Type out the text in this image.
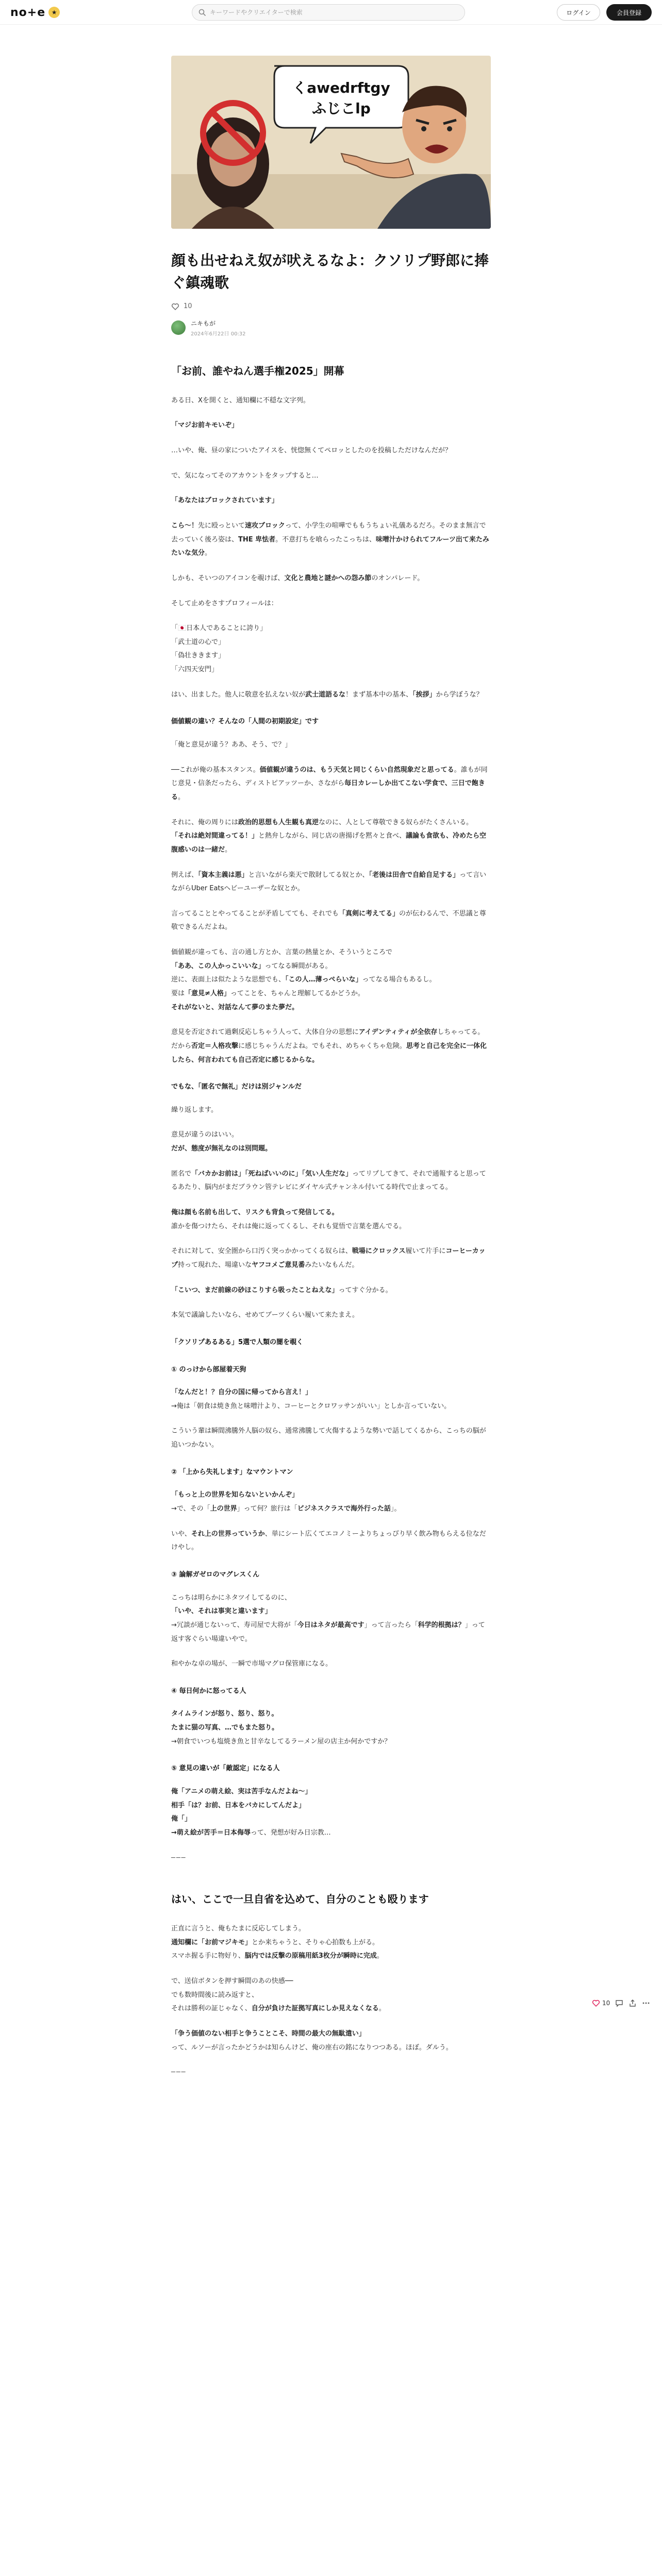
no+e ★
キーワードやクリエイターで検索	ログイン	会員登録
くawedrftgy
ふじこlp
顔も出せねえ奴が吠えるなよ：クソリプ野郎に捧ぐ鎮魂歌
10
ニキもが
2024年6月22日 00:32
「お前、誰やねん選手権2025」開幕

ある日、Xを開くと、通知欄に不穏な文字列。

「マジお前キモいぞ」

…いや、俺、昼の家についたアイスを、恍惚無くてペロッとしたのを投稿しただけなんだが？

で、気になってそのアカウントをタップすると…

「あなたはブロックされています」

こら〜！先に殴っといて速攻ブロックって、小学生の喧嘩でももうちょい礼儀あるだろ。そのまま無言で去っていく後ろ姿は、THE 卑怯者。不意打ちを喰らったこっちは、味噌汁かけられてフルーツ出て来たみたいな気分。

しかも、そいつのアイコンを覗けば、文化と農地と謎かへの怨み節のオンパレード。

そして止めをさすプロフィールは：

「🇯🇵日本人であることに誇り」
「武士道の心で」
「偽壮ききます」
「六四天安門」

はい、出ました。他人に敬意を払えない奴が武士道語るな！まず基本中の基本、「挨拶」から学ぼうな？

価値観の違い？そんなの「人間の初期設定」です

「俺と意見が違う？ああ、そう、で？」

──これが俺の基本スタンス。価値観が違うのは、もう天気と同じくらい自然現象だと思ってる。誰もが同じ意見・信条だったら、ディストピアッツーか、さながら毎日カレーしか出てこない学食で、三日で飽きる。

それに、俺の周りには政治的思想も人生観も真逆なのに、人として尊敬できる奴らがたくさんいる。
「それは絶対間違ってる！」と熱弁しながら、同じ店の唐揚げを黙々と食べ、議論も食欲も、冷めたら空腹感いのは一緒だ。

例えば、「資本主義は悪」と言いながら楽天で散財してる奴とか、「老後は田舎で自給自足する」って言いながらUber Eatsヘビーユーザーな奴とか。

言ってることとやってることが矛盾してても、それでも「真剣に考えてる」のが伝わるんで、不思議と尊敬できるんだよね。

価値観が違っても、言の通し方とか、言葉の熱量とか、そういうところで
「ああ、この人かっこいいな」ってなる瞬間がある。
逆に、表面上は似たような思想でも、「この人…薄っぺらいな」ってなる場合もあるし。
要は「意見≠人格」ってことを、ちゃんと理解してるかどうか。
それがないと、対話なんて夢のまた夢だ。

意見を否定されて過剰反応しちゃう人って、大体自分の思想にアイデンティティが全依存しちゃってる。だから否定＝人格攻撃に感じちゃうんだよね。でもそれ、めちゃくちゃ危険。思考と自己を完全に一体化したら、何言われても自己否定に感じるからな。

でもな、「匿名で無礼」だけは別ジャンルだ

繰り返します。

意見が違うのはいい。
だが、態度が無礼なのは別問題。

匿名で「バカかお前は」「死ねばいいのに」「気い人生だな」ってリプしてきて、それで通報すると思ってるあたり、脳内がまだブラウン管テレビにダイヤル式チャンネル付いてる時代で止まってる。

俺は顔も名前も出して、リスクも背負って発信してる。
誰かを傷つけたら、それは俺に返ってくるし、それも覚悟で言葉を選んでる。

それに対して、安全圏から口汚く突っかかってくる奴らは、戦場にクロックス履いて片手にコーヒーカップ持って現れた、場違いなヤフコメご意見番みたいなもんだ。

「こいつ、まだ前線の砂ほこりすら吸ったことねえな」ってすぐ分かる。

本気で議論したいなら、せめてブーツくらい履いて来たまえ。

「クソリプあるある」5選で人類の闇を覗く
① のっけから部屋着天狗

「なんだと！？自分の国に帰ってから言え！」
→俺は「朝食は焼き魚と味噌汁より、コーヒーとクロワッサンがいい」としか言っていない。

こういう輩は瞬間沸騰外人脳の奴ら、通常沸騰して火傷するような勢いで話してくるから、こっちの脳が追いつかない。

② 「上から失礼します」なマウントマン

「もっと上の世界を知らないといかんぞ」
→で、その「上の世界」って何？旅行は「ビジネスクラスで海外行った話」。

いや、それ上の世界っていうか、単にシート広くてエコノミーよりちょっぴり早く飲み物もらえる位なだけやし。

③ 論解ガゼロのマグレスくん

こっちは明らかにネタツイしてるのに、
「いや、それは事実と違います」
→冗談が通じないって、寿司屋で大将が「今日はネタが最高です」って言ったら「科学的根拠は？」って返す客ぐらい場違いやで。

和やかな卓の場が、一瞬で市場マグロ保管庫になる。

④ 毎日何かに怒ってる人

タイムラインが怒り、怒り、怒り。
たまに猫の写真、…でもまた怒り。
→朝食でいつも塩焼き魚と甘辛なしてるラーメン屋の店主か何かですか？

⑤ 意見の違いが「敵認定」になる人

俺「アニメの萌え絵、実は苦手なんだよね〜」
相手「は？お前、日本をバカにしてんだよ」
俺「」
→萌え絵が苦手＝日本侮辱って、発想が好み日宗教…

───
はい、ここで一旦自省を込めて、自分のことも殴ります

正直に言うと、俺もたまに反応してしまう。
通知欄に「お前マジキモ」とか来ちゃうと、そりゃ心拍数も上がる。
スマホ握る手に物好り、脳内では反撃の原稿用紙3枚分が瞬時に完成。

で、送信ボタンを押す瞬間のあの快感──
でも数時間後に読み返すと、
それは勝利の証じゃなく、自分が負けた証拠写真にしか見えなくなる。

「争う価値のない相手と争うことこそ、時間の最大の無駄遣い」
って、ルソーが言ったかどうかは知らんけど、俺の座右の銘になりつつある。ほぼ。ダルう。

───
10
